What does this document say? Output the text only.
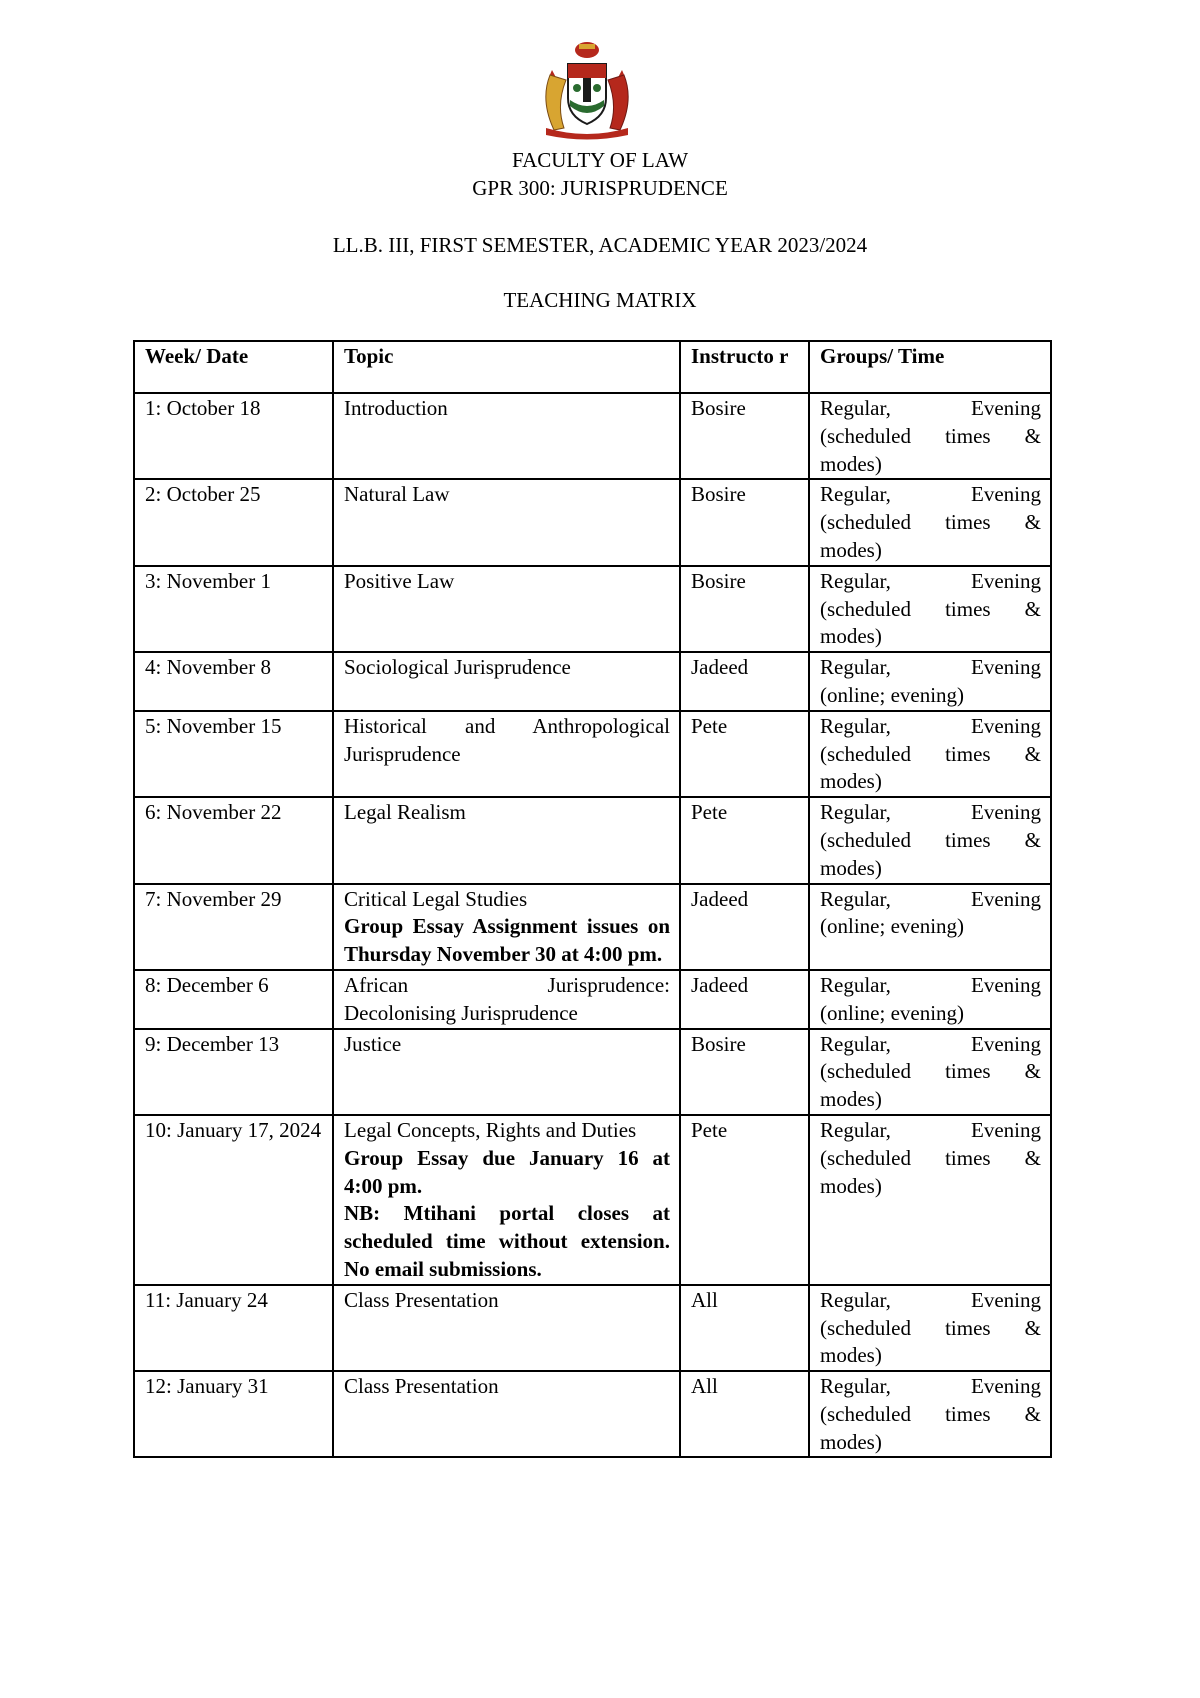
FACULTY OF LAW
GPR 300: JURISPRUDENCE
LL.B. III, FIRST SEMESTER, ACADEMIC YEAR 2023/2024
TEACHING MATRIX
Week/ Date	Topic	Instructo r	Groups/ Time
1: October 18	Introduction	Bosire	Regular, Evening
(scheduled times &
modes)

2: October 25	Natural Law	Bosire	Regular, Evening
(scheduled times &
modes)

3: November 1	Positive Law	Bosire	Regular, Evening
(scheduled times &
modes)

4: November 8	Sociological Jurisprudence	Jadeed	Regular, Evening
(online; evening)

5: November 15	Historical and Anthropological
Jurisprudence	Pete	Regular, Evening
(scheduled times &
modes)

6: November 22	Legal Realism	Pete	Regular, Evening
(scheduled times &
modes)

7: November 29	Critical Legal Studies
Group Essay Assignment issues on Thursday November 30 at 4:00 pm.	Jadeed	Regular, Evening
(online; evening)

8: December 6	African Jurisprudence:
Decolonising Jurisprudence	Jadeed	Regular, Evening
(online; evening)

9: December 13	Justice	Bosire	Regular, Evening
(scheduled times &
modes)

10: January 17, 2024	Legal Concepts, Rights and Duties
Group Essay due January 16 at 4:00 pm.
NB: Mtihani portal closes at scheduled time without extension. No email submissions.	Pete	Regular, Evening
(scheduled times &
modes)

11: January 24	Class Presentation	All	Regular, Evening
(scheduled times &
modes)

12: January 31	Class Presentation	All	Regular, Evening
(scheduled times &
modes)
